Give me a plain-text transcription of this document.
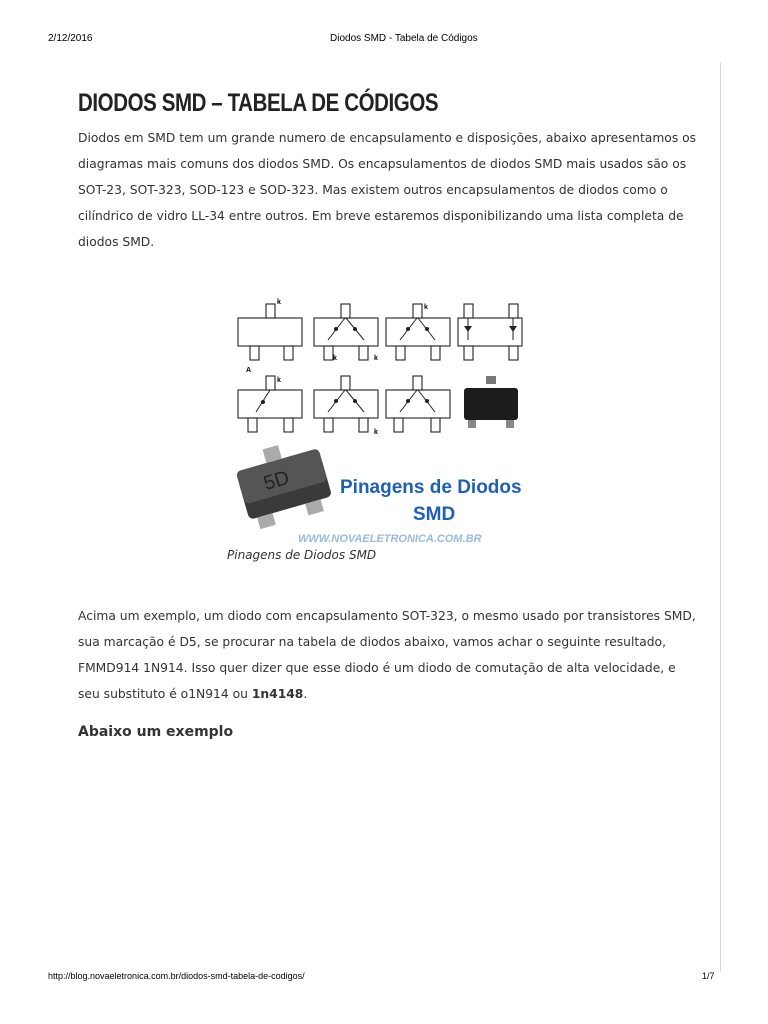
2/12/2016	Diodos SMD - Tabela de Códigos
DIODOS SMD – TABELA DE CÓDIGOS

Diodos em SMD tem um grande numero de encapsulamento e disposições, abaixo apresentamos os diagramas mais comuns dos diodos SMD. Os encapsulamentos de diodos SMD mais usados são os SOT-23, SOT-323, SOD-123 e SOD-323. Mas existem outros encapsulamentos de diodos como o cilíndrico de vidro LL-34 entre outros. Em breve estaremos disponibilizando uma lista completa de diodos SMD.

k
k
k	k
A
k
k
5D	Pinagens de Diodos
SMD
WWW.NOVAELETRONICA.COM.BR
Pinagens de Diodos SMD

Acima um exemplo, um diodo com encapsulamento SOT-323, o mesmo usado por transistores SMD, sua marcação é D5, se procurar na tabela de diodos abaixo, vamos achar o seguinte resultado, FMMD914 1N914. Isso quer dizer que esse diodo é um diodo de comutação de alta velocidade, e seu substituto é o1N914 ou 1n4148.

Abaixo um exemplo
http://blog.novaeletronica.com.br/diodos-smd-tabela-de-codigos/	1/7
